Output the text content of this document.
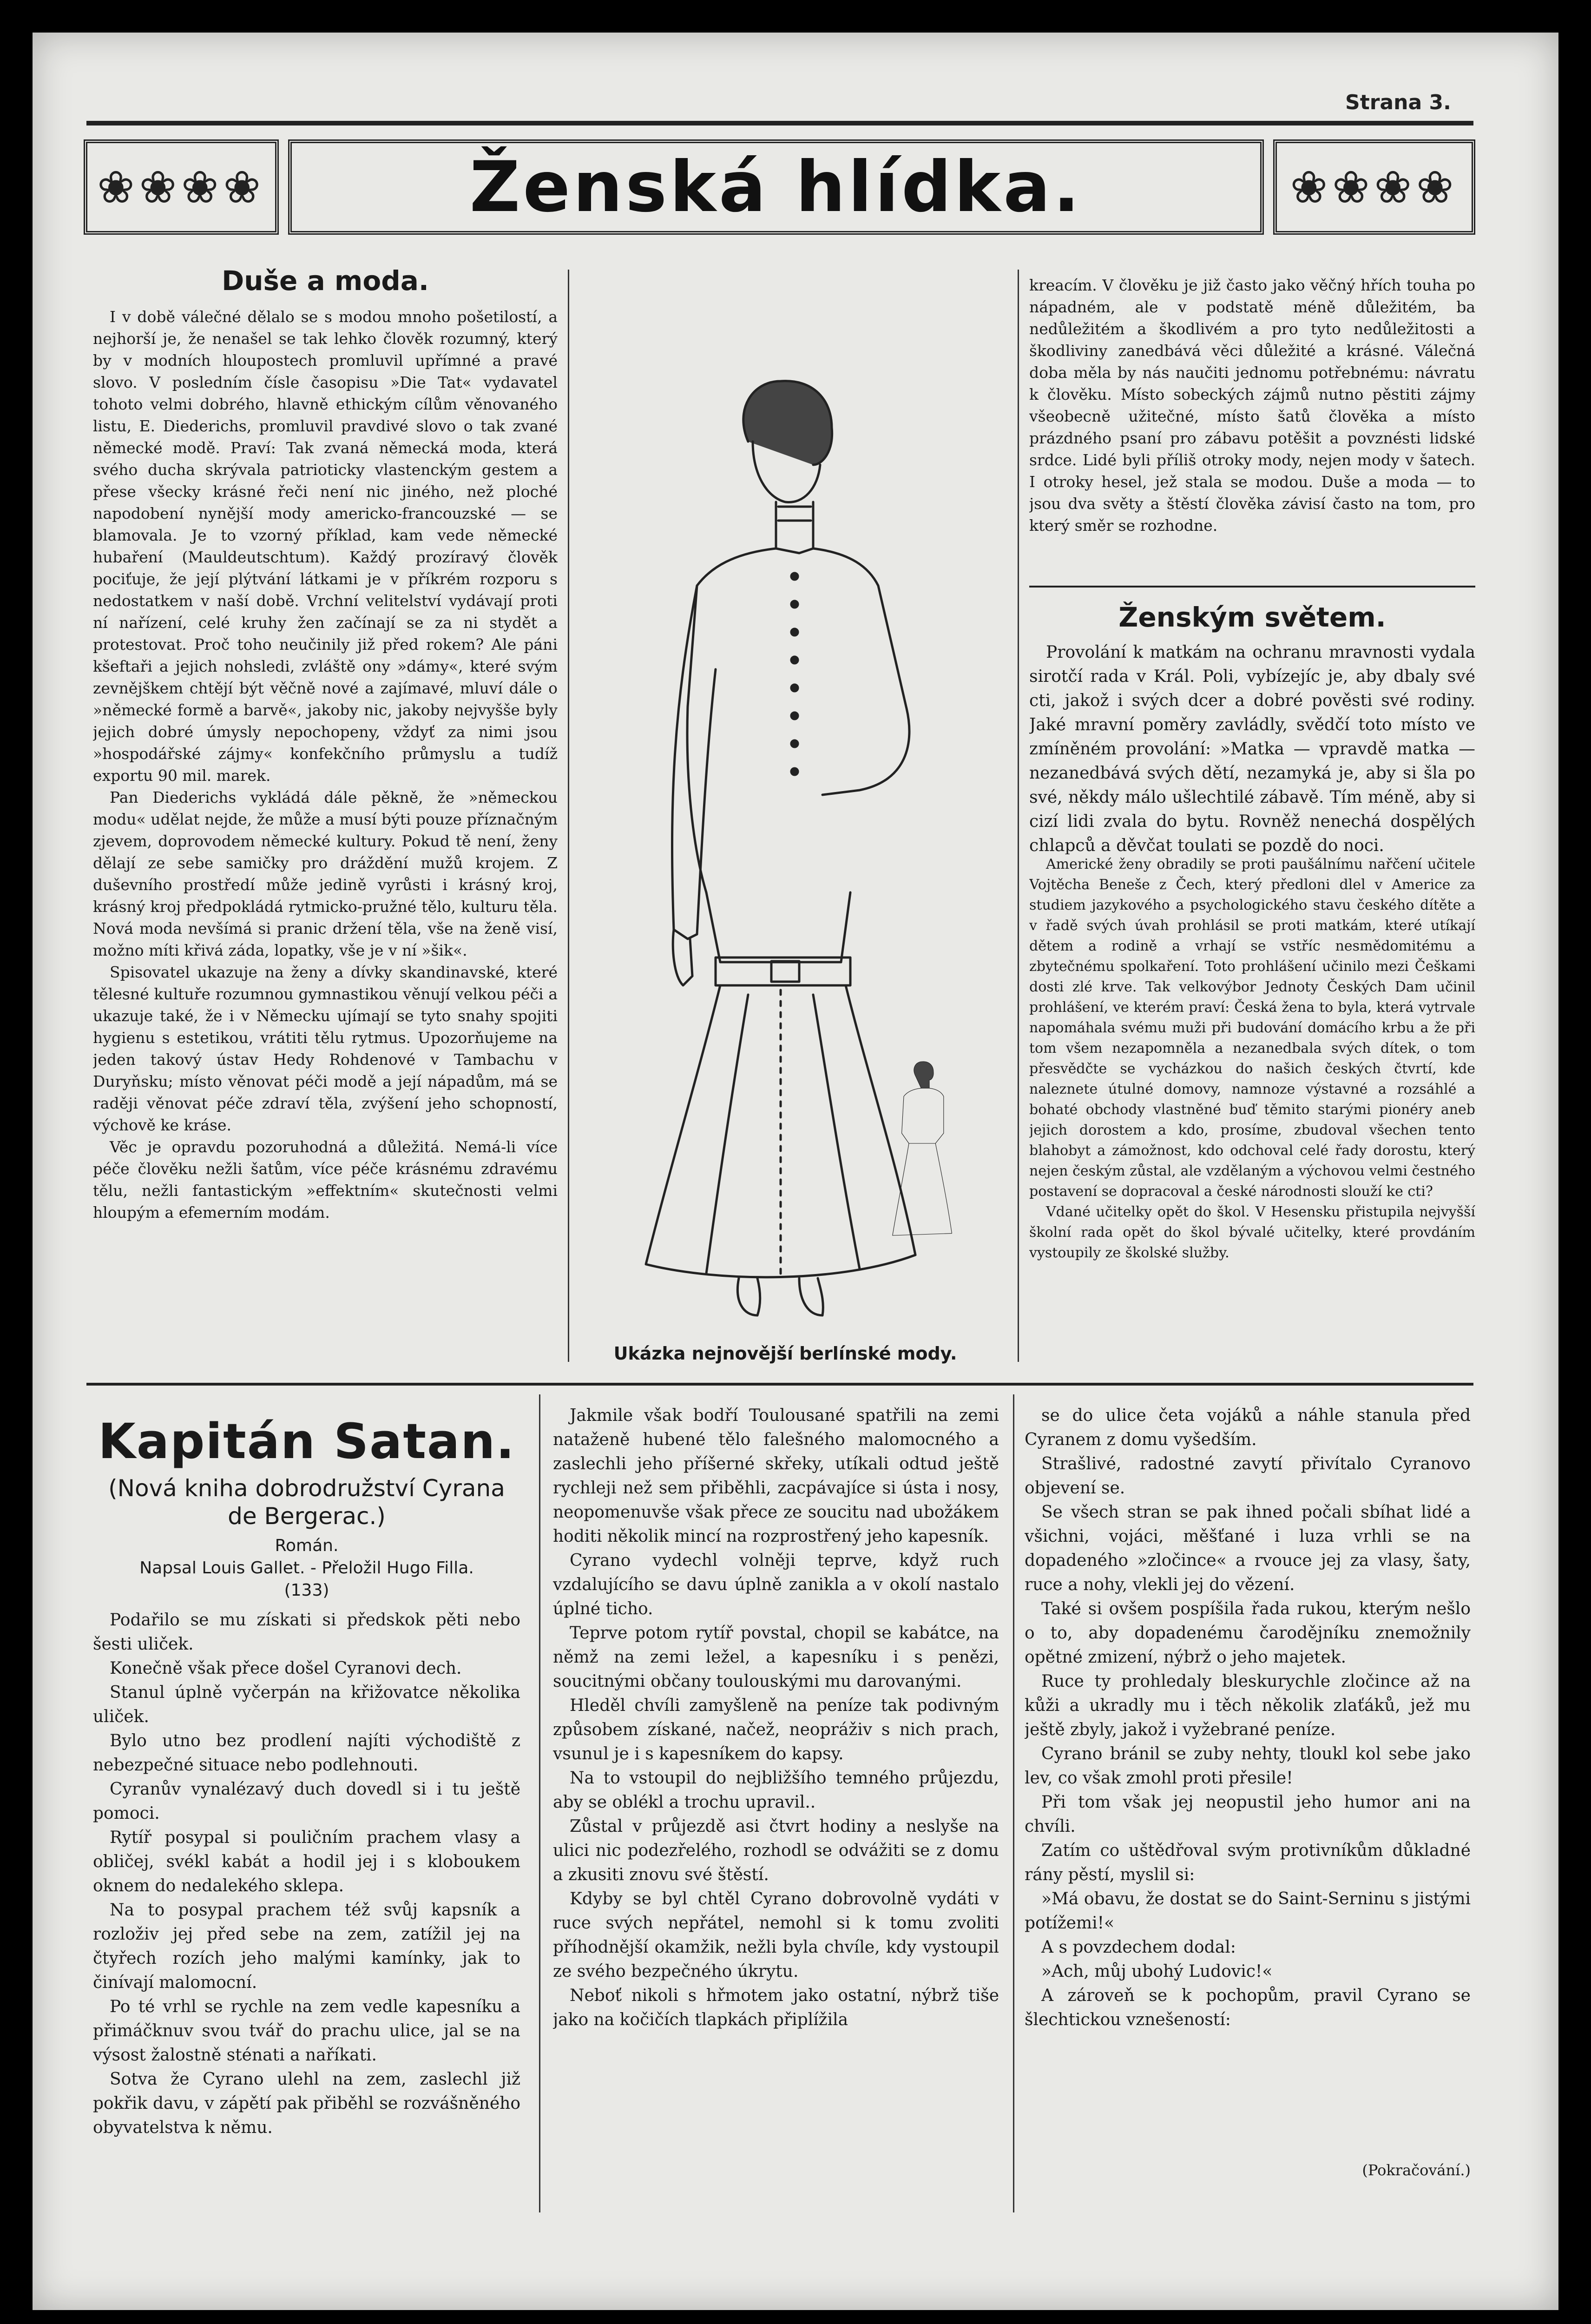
Strana 3.
❀❀❀❀	Ženská hlídka.	❀❀❀❀
Duše a moda.

I v době válečné dělalo se s modou mnoho pošetilostí, a nejhorší je, že nenašel se tak lehko člověk rozumný, který by v modních hloupostech promluvil upřímné a pravé slovo. V posledním čísle časopisu »Die Tat« vydavatel tohoto velmi dobrého, hlavně ethickým cílům věnovaného listu, E. Diederichs, promluvil pravdivé slovo o tak zvané německé modě. Praví: Tak zvaná německá moda, která svého ducha skrývala patrioticky vlastenckým gestem a přese všecky krásné řeči není nic jiného, než ploché napodobení nynější mody americko-francouzské — se blamovala. Je to vzorný příklad, kam vede německé hubaření (Mauldeutschtum). Každý prozíravý člověk pociťuje, že její plýtvání látkami je v příkrém rozporu s nedostatkem v naší době. Vrchní velitelství vydávají proti ní nařízení, celé kruhy žen začínají se za ni stydět a protestovat. Proč toho neučinily již před rokem? Ale páni kšeftaři a jejich nohsledi, zvláště ony »dámy«, které svým zevnějškem chtějí být věčně nové a zajímavé, mluví dále o »německé formě a barvě«, jakoby nic, jakoby nejvyšše byly jejich dobré úmysly nepochopeny, vždyť za nimi jsou »hospodářské zájmy« konfekčního průmyslu a tudíž exportu 90 mil. marek.

Pan Diederichs vykládá dále pěkně, že »německou modu« udělat nejde, že může a musí býti pouze příznačným zjevem, doprovodem německé kultury. Pokud tě není, ženy dělají ze sebe samičky pro dráždění mužů krojem. Z duševního prostředí může jedině vyrůsti i krásný kroj, krásný kroj předpokládá rytmicko-pružné tělo, kulturu těla. Nová moda nevšímá si pranic držení těla, vše na ženě visí, možno míti křivá záda, lopatky, vše je v ní »šik«.

Spisovatel ukazuje na ženy a dívky skandinavské, které tělesné kultuře rozumnou gymnastikou věnují velkou péči a ukazuje také, že i v Německu ujímají se tyto snahy spojiti hygienu s estetikou, vrátiti tělu rytmus. Upozorňujeme na jeden takový ústav Hedy Rohdenové v Tambachu v Duryňsku; místo věnovat péči modě a její nápadům, má se raději věnovat péče zdraví těla, zvýšení jeho schopností, výchově ke kráse.

Věc je opravdu pozoruhodná a důležitá. Nemá-li více péče člověku nežli šatům, více péče krásnému zdravému tělu, nežli fantastickým »effektním« skutečnosti velmi hloupým a efemerním modám.

Ukázka nejnovější berlínské mody.

kreacím. V člověku je již často jako věčný hřích touha po nápadném, ale v podstatě méně důležitém, ba nedůležitém a škodlivém a pro tyto nedůležitosti a škodliviny zanedbává věci důležité a krásné. Válečná doba měla by nás naučiti jednomu potřebnému: návratu k člověku. Místo sobeckých zájmů nutno pěstiti zájmy všeobecně užitečné, místo šatů člověka a místo prázdného psaní pro zábavu potěšit a povznésti lidské srdce. Lidé byli příliš otroky mody, nejen mody v šatech. I otroky hesel, jež stala se modou. Duše a moda — to jsou dva světy a štěstí člověka závisí často na tom, pro který směr se rozhodne.

Ženským světem.

Provolání k matkám na ochranu mravnosti vydala sirotčí rada v Král. Poli, vybízejíc je, aby dbaly své cti, jakož i svých dcer a dobré pověsti své rodiny. Jaké mravní poměry zavládly, svědčí toto místo ve zmíněném provolání: »Matka — vpravdě matka — nezanedbává svých dětí, nezamyká je, aby si šla po své, někdy málo ušlechtilé zábavě. Tím méně, aby si cizí lidi zvala do bytu. Rovněž nenechá dospělých chlapců a děvčat toulati se pozdě do noci.

Americké ženy obradily se proti paušálnímu nařčení učitele Vojtěcha Beneše z Čech, který předloni dlel v Americe za studiem jazykového a psychologického stavu českého dítěte a v řadě svých úvah prohlásil se proti matkám, které utíkají dětem a rodině a vrhají se vstříc nesmědomitému a zbytečnému spolkaření. Toto prohlášení učinilo mezi Češkami dosti zlé krve. Tak velkovýbor Jednoty Českých Dam učinil prohlášení, ve kterém praví: Česká žena to byla, která vytrvale napomáhala svému muži při budování domácího krbu a že při tom všem nezapomněla a nezanedbala svých dítek, o tom přesvědčte se vycházkou do našich českých čtvrtí, kde naleznete útulné domovy, namnoze výstavné a rozsáhlé a bohaté obchody vlastněné buď těmito starými pionéry aneb jejich dorostem a kdo, prosíme, zbudoval všechen tento blahobyt a zámožnost, kdo odchoval celé řady dorostu, který nejen českým zůstal, ale vzdělaným a výchovou velmi čestného postavení se dopracoval a české národnosti slouží ke cti?

Vdané učitelky opět do škol. V Hesensku přistupila nejvyšší školní rada opět do škol bývalé učitelky, které provdáním vystoupily ze školské služby.

Kapitán Satan.
(Nová kniha dobrodružství Cyrana de Bergerac.)
Román.
Napsal Louis Gallet. - Přeložil Hugo Filla.
(133)

Podařilo se mu získati si předskok pěti nebo šesti uliček.

Konečně však přece došel Cyranovi dech.

Stanul úplně vyčerpán na křižovatce několika uliček.

Bylo utno bez prodlení najíti východiště z nebezpečné situace nebo podlehnouti.

Cyranův vynalézavý duch dovedl si i tu ještě pomoci.

Rytíř posypal si pouličním prachem vlasy a obličej, svékl kabát a hodil jej i s kloboukem oknem do nedalekého sklepa.

Na to posypal prachem též svůj kapsník a rozloživ jej před sebe na zem, zatížil jej na čtyřech rozích jeho malými kamínky, jak to činívají malomocní.

Po té vrhl se rychle na zem vedle kapesníku a přimáčknuv svou tvář do prachu ulice, jal se na výsost žalostně sténati a naříkati.

Sotva že Cyrano ulehl na zem, zaslechl již pokřik davu, v zápětí pak přiběhl se rozvášněného obyvatelstva k němu.

Jakmile však bodří Toulousané spatřili na zemi nataženě hubené tělo falešného malomocného a zaslechli jeho příšerné skřeky, utíkali odtud ještě rychleji než sem přiběhli, zacpávajíce si ústa i nosy, neopomenuvše však přece ze soucitu nad ubožákem hoditi několik mincí na rozprostřený jeho kapesník.

Cyrano vydechl volněji teprve, když ruch vzdalujícího se davu úplně zanikla a v okolí nastalo úplné ticho.

Teprve potom rytíř povstal, chopil se kabátce, na němž na zemi ležel, a kapesníku i s penězi, soucitnými občany toulouskými mu darovanými.

Hleděl chvíli zamyšleně na peníze tak podivným způsobem získané, načež, neopráživ s nich prach, vsunul je i s kapesníkem do kapsy.

Na to vstoupil do nejbližšího temného průjezdu, aby se oblékl a trochu upravil..

Zůstal v průjezdě asi čtvrt hodiny a neslyše na ulici nic podezřelého, rozhodl se odvážiti se z domu a zkusiti znovu své štěstí.

Kdyby se byl chtěl Cyrano dobrovolně vydáti v ruce svých nepřátel, nemohl si k tomu zvoliti příhodnější okamžik, nežli byla chvíle, kdy vystoupil ze svého bezpečného úkrytu.

Neboť nikoli s hřmotem jako ostatní, nýbrž tiše jako na kočičích tlapkách připlížila

se do ulice četa vojáků a náhle stanula před Cyranem z domu vyšedším.

Strašlivé, radostné zavytí přivítalo Cyranovo objevení se.

Se všech stran se pak ihned počali sbíhat lidé a všichni, vojáci, měšťané i luza vrhli se na dopadeného »zločince« a rvouce jej za vlasy, šaty, ruce a nohy, vlekli jej do vězení.

Také si ovšem pospíšila řada rukou, kterým nešlo o to, aby dopadenému čarodějníku znemožnily opětné zmizení, nýbrž o jeho majetek.

Ruce ty prohledaly bleskurychle zločince až na kůži a ukradly mu i těch několik zlaťáků, jež mu ještě zbyly, jakož i vyžebrané peníze.

Cyrano bránil se zuby nehty, tloukl kol sebe jako lev, co však zmohl proti přesile!

Při tom však jej neopustil jeho humor ani na chvíli.

Zatím co uštědřoval svým protivníkům důkladné rány pěstí, myslil si:

»Má obavu, že dostat se do Saint-Serninu s jistými potížemi!«

A s povzdechem dodal:

»Ach, můj ubohý Ludovic!«

A zároveň se k pochopům, pravil Cyrano se šlechtickou vznešeností:

(Pokračování.)
